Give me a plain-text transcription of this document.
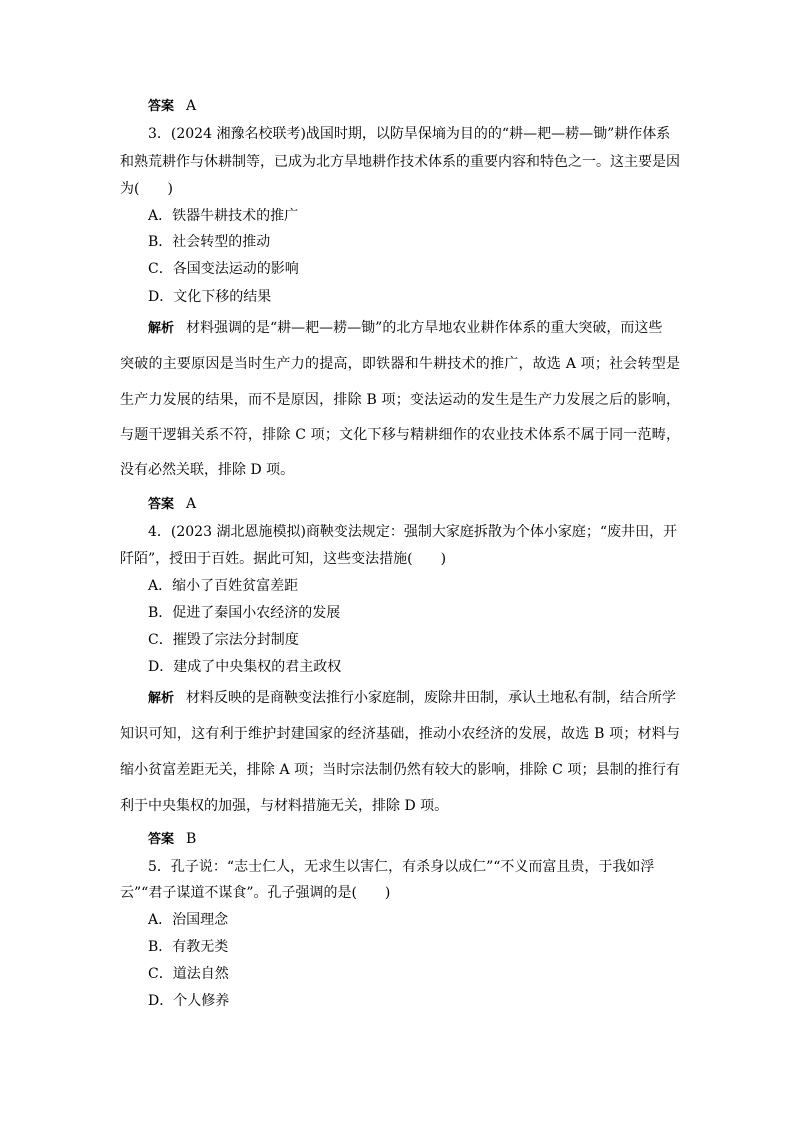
答案 A
3．(2024 湘豫名校联考)战国时期，以防旱保墒为目的的“耕—耙—耢—锄”耕作体系
和熟荒耕作与休耕制等，已成为北方旱地耕作技术体系的重要内容和特色之一。这主要是因
为(　　)
A．铁器牛耕技术的推广
B．社会转型的推动
C．各国变法运动的影响
D．文化下移的结果
解析 材料强调的是“耕—耙—耢—锄”的北方旱地农业耕作体系的重大突破，而这些
突破的主要原因是当时生产力的提高，即铁器和牛耕技术的推广，故选 A 项；社会转型是
生产力发展的结果，而不是原因，排除 B 项；变法运动的发生是生产力发展之后的影响，
与题干逻辑关系不符，排除 C 项；文化下移与精耕细作的农业技术体系不属于同一范畴，
没有必然关联，排除 D 项。
答案 A
4．(2023 湖北恩施模拟)商鞅变法规定：强制大家庭拆散为个体小家庭；“废井田，开
阡陌”，授田于百姓。据此可知，这些变法措施(　　)
A．缩小了百姓贫富差距
B．促进了秦国小农经济的发展
C．摧毁了宗法分封制度
D．建成了中央集权的君主政权
解析 材料反映的是商鞅变法推行小家庭制，废除井田制，承认土地私有制，结合所学
知识可知，这有利于维护封建国家的经济基础，推动小农经济的发展，故选 B 项；材料与
缩小贫富差距无关，排除 A 项；当时宗法制仍然有较大的影响，排除 C 项；县制的推行有
利于中央集权的加强，与材料措施无关，排除 D 项。
答案 B
5．孔子说：“志士仁人，无求生以害仁，有杀身以成仁”“不义而富且贵，于我如浮
云”“君子谋道不谋食”。孔子强调的是(　　)
A．治国理念
B．有教无类
C．道法自然
D．个人修养
